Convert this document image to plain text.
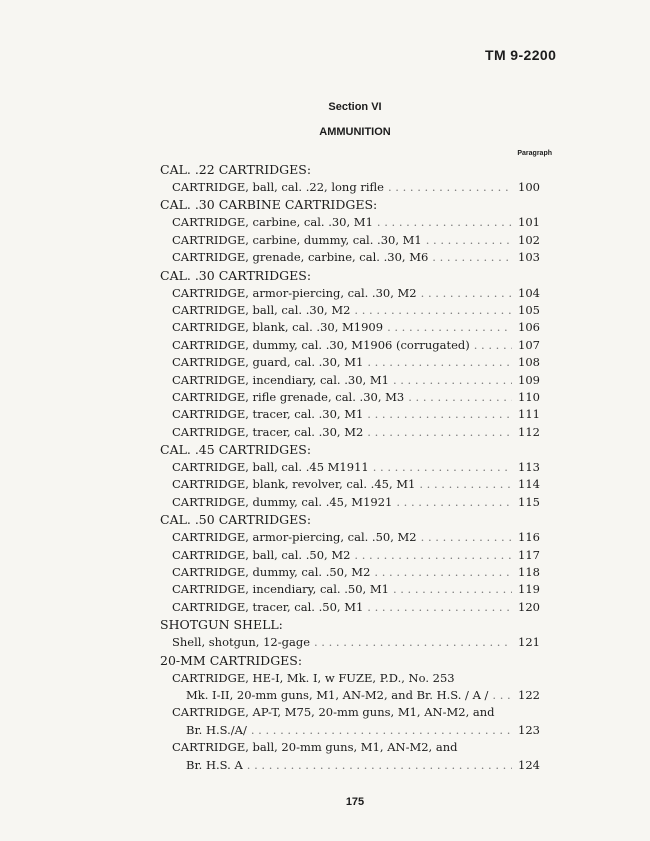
TM 9-2200
Section VI
AMMUNITION
Paragraph
CAL. .22 CARTRIDGES:
CARTRIDGE, ball, cal. .22, long rifle . . .	100
CAL. .30 CARBINE CARTRIDGES:
CARTRIDGE, carbine, cal. .30, M1 . . .	101
CARTRIDGE, carbine, dummy, cal. .30, M1 . . .	102
CARTRIDGE, grenade, carbine, cal. .30, M6 . . .	103
CAL. .30 CARTRIDGES:
CARTRIDGE, armor-piercing, cal. .30, M2 . . .	104
CARTRIDGE, ball, cal. .30, M2 . . .	105
CARTRIDGE, blank, cal. .30, M1909 . . .	106
CARTRIDGE, dummy, cal. .30, M1906 (corrugated) . . .	107
CARTRIDGE, guard, cal. .30, M1 . . .	108
CARTRIDGE, incendiary, cal. .30, M1 . . .	109
CARTRIDGE, rifle grenade, cal. .30, M3 . . .	110
CARTRIDGE, tracer, cal. .30, M1 . . .	111
CARTRIDGE, tracer, cal. .30, M2 . . .	112
CAL. .45 CARTRIDGES:
CARTRIDGE, ball, cal. .45 M1911 . . .	113
CARTRIDGE, blank, revolver, cal. .45, M1 . . .	114
CARTRIDGE, dummy, cal. .45, M1921 . . .	115
CAL. .50 CARTRIDGES:
CARTRIDGE, armor-piercing, cal. .50, M2 . . .	116
CARTRIDGE, ball, cal. .50, M2 . . .	117
CARTRIDGE, dummy, cal. .50, M2 . . .	118
CARTRIDGE, incendiary, cal. .50, M1 . . .	119
CARTRIDGE, tracer, cal. .50, M1 . . .	120
SHOTGUN SHELL:
Shell, shotgun, 12-gage . . .	121
20-MM CARTRIDGES:
CARTRIDGE, HE-I, Mk. I, w FUZE, P.D., No. 253
Mk. I-II, 20-mm guns, M1, AN-M2, and Br. H.S. / A / . . .	122
CARTRIDGE, AP-T, M75, 20-mm guns, M1, AN-M2, and
Br. H.S./A/ . . .	123
CARTRIDGE, ball, 20-mm guns, M1, AN-M2, and
Br. H.S. A . . .	124
175
